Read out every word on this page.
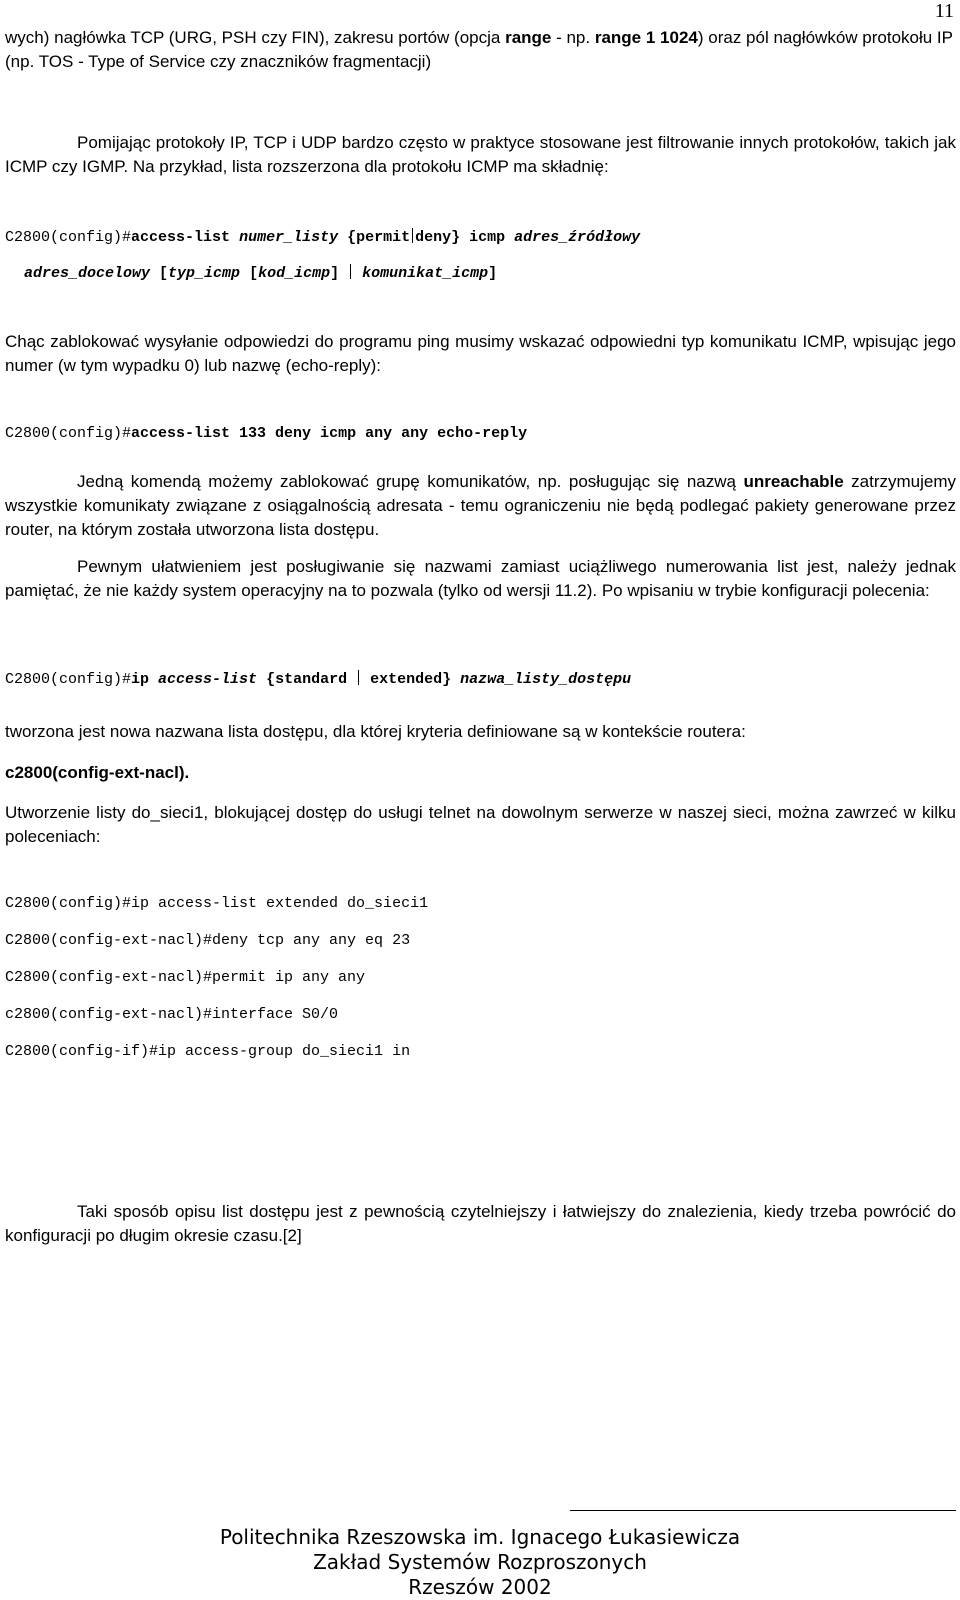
11
wych) nagłówka TCP (URG, PSH czy FIN), zakresu portów (opcja range - np. range 1 1024) oraz pól nagłówków protokołu IP (np. TOS - Type of Service czy znaczników fragmentacji)
Pomijając protokoły IP, TCP i UDP bardzo często w praktyce stosowane jest filtrowanie innych protokołów, takich jak ICMP czy IGMP. Na przykład, lista rozszerzona dla protokołu ICMP ma składnię:
C2800(config)#access-list numer_listy {permit deny} icmp adres_źródłowy
adres_docelowy [typ_icmp [kod_icmp]  komunikat_icmp]
Chąc zablokować wysyłanie odpowiedzi do programu ping musimy wskazać odpowiedni typ komunikatu ICMP, wpisując jego numer (w tym wypadku 0) lub nazwę (echo-reply):
C2800(config)#access-list 133 deny icmp any any echo-reply
Jedną komendą możemy zablokować grupę komunikatów, np. posługując się nazwą unreachable zatrzymujemy wszystkie komunikaty związane z osiągalnością adresata - temu ograniczeniu nie będą podlegać pakiety generowane przez router, na którym została utworzona lista dostępu.
Pewnym ułatwieniem jest posługiwanie się nazwami zamiast uciążliwego numerowania list jest, należy jednak pamiętać, że nie każdy system operacyjny na to pozwala (tylko od wersji 11.2). Po wpisaniu w trybie konfiguracji polecenia:
C2800(config)#ip access-list {standard  extended} nazwa_listy_dostępu
tworzona jest nowa nazwana lista dostępu, dla której kryteria definiowane są w kontekście routera:
c2800(config-ext-nacl).
Utworzenie listy do_sieci1, blokującej dostęp do usługi telnet na dowolnym serwerze w naszej sieci, można zawrzeć w kilku poleceniach:
C2800(config)#ip access-list extended do_sieci1
C2800(config-ext-nacl)#deny tcp any any eq 23
C2800(config-ext-nacl)#permit ip any any
c2800(config-ext-nacl)#interface S0/0
C2800(config-if)#ip access-group do_sieci1 in
Taki sposób opisu list dostępu jest z pewnością czytelniejszy i łatwiejszy do znalezienia, kiedy trzeba powrócić do konfiguracji po długim okresie czasu.[2]
Politechnika Rzeszowska im. Ignacego Łukasiewicza
Zakład Systemów Rozproszonych
Rzeszów 2002
